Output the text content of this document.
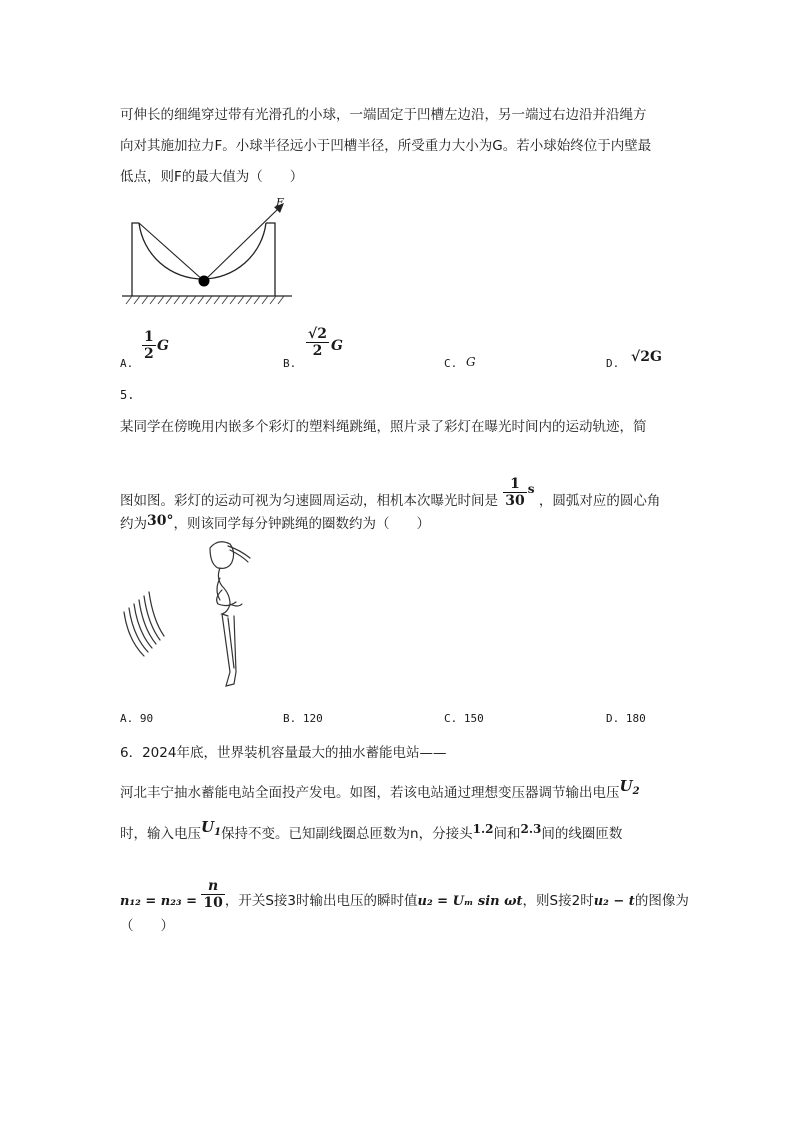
可伸长的细绳穿过带有光滑孔的小球，一端固定于凹槽左边沿，另一端过右边沿并沿绳方
向对其施加拉力F。小球半径远小于凹槽半径，所受重力大小为G。若小球始终位于内壁最
低点，则F的最大值为（　　）
F
A.
$\frac{1}{2}$ G
B.
$\frac{√2}{2}$ G
C. G	D. √2G
5.
某同学在傍晚用内嵌多个彩灯的塑料绳跳绳，照片录了彩灯在曝光时间内的运动轨迹，简
图如图。彩灯的运动可视为匀速圆周运动，相机本次曝光时间是 $\frac{1}{30}$ s ，圆弧对应的圆心角
约为30°，则该同学每分钟跳绳的圈数约为（　　）
A. 90	B. 120	C. 150	D. 180
6．2024年底，世界装机容量最大的抽水蓄能电站——
河北丰宁抽水蓄能电站全面投产发电。如图，若该电站通过理想变压器调节输出电压$U_2$
时，输入电压$U_1$保持不变。已知副线圈总匝数为n，分接头1.2间和2.3间的线圈匝数
$n_{12} = n_{23} = \frac{n}{10}$ ，开关S接3时输出电压的瞬时值u₂ = Uₘ sin ωt，则S接2时u₂ − t的图像为
（　　）
